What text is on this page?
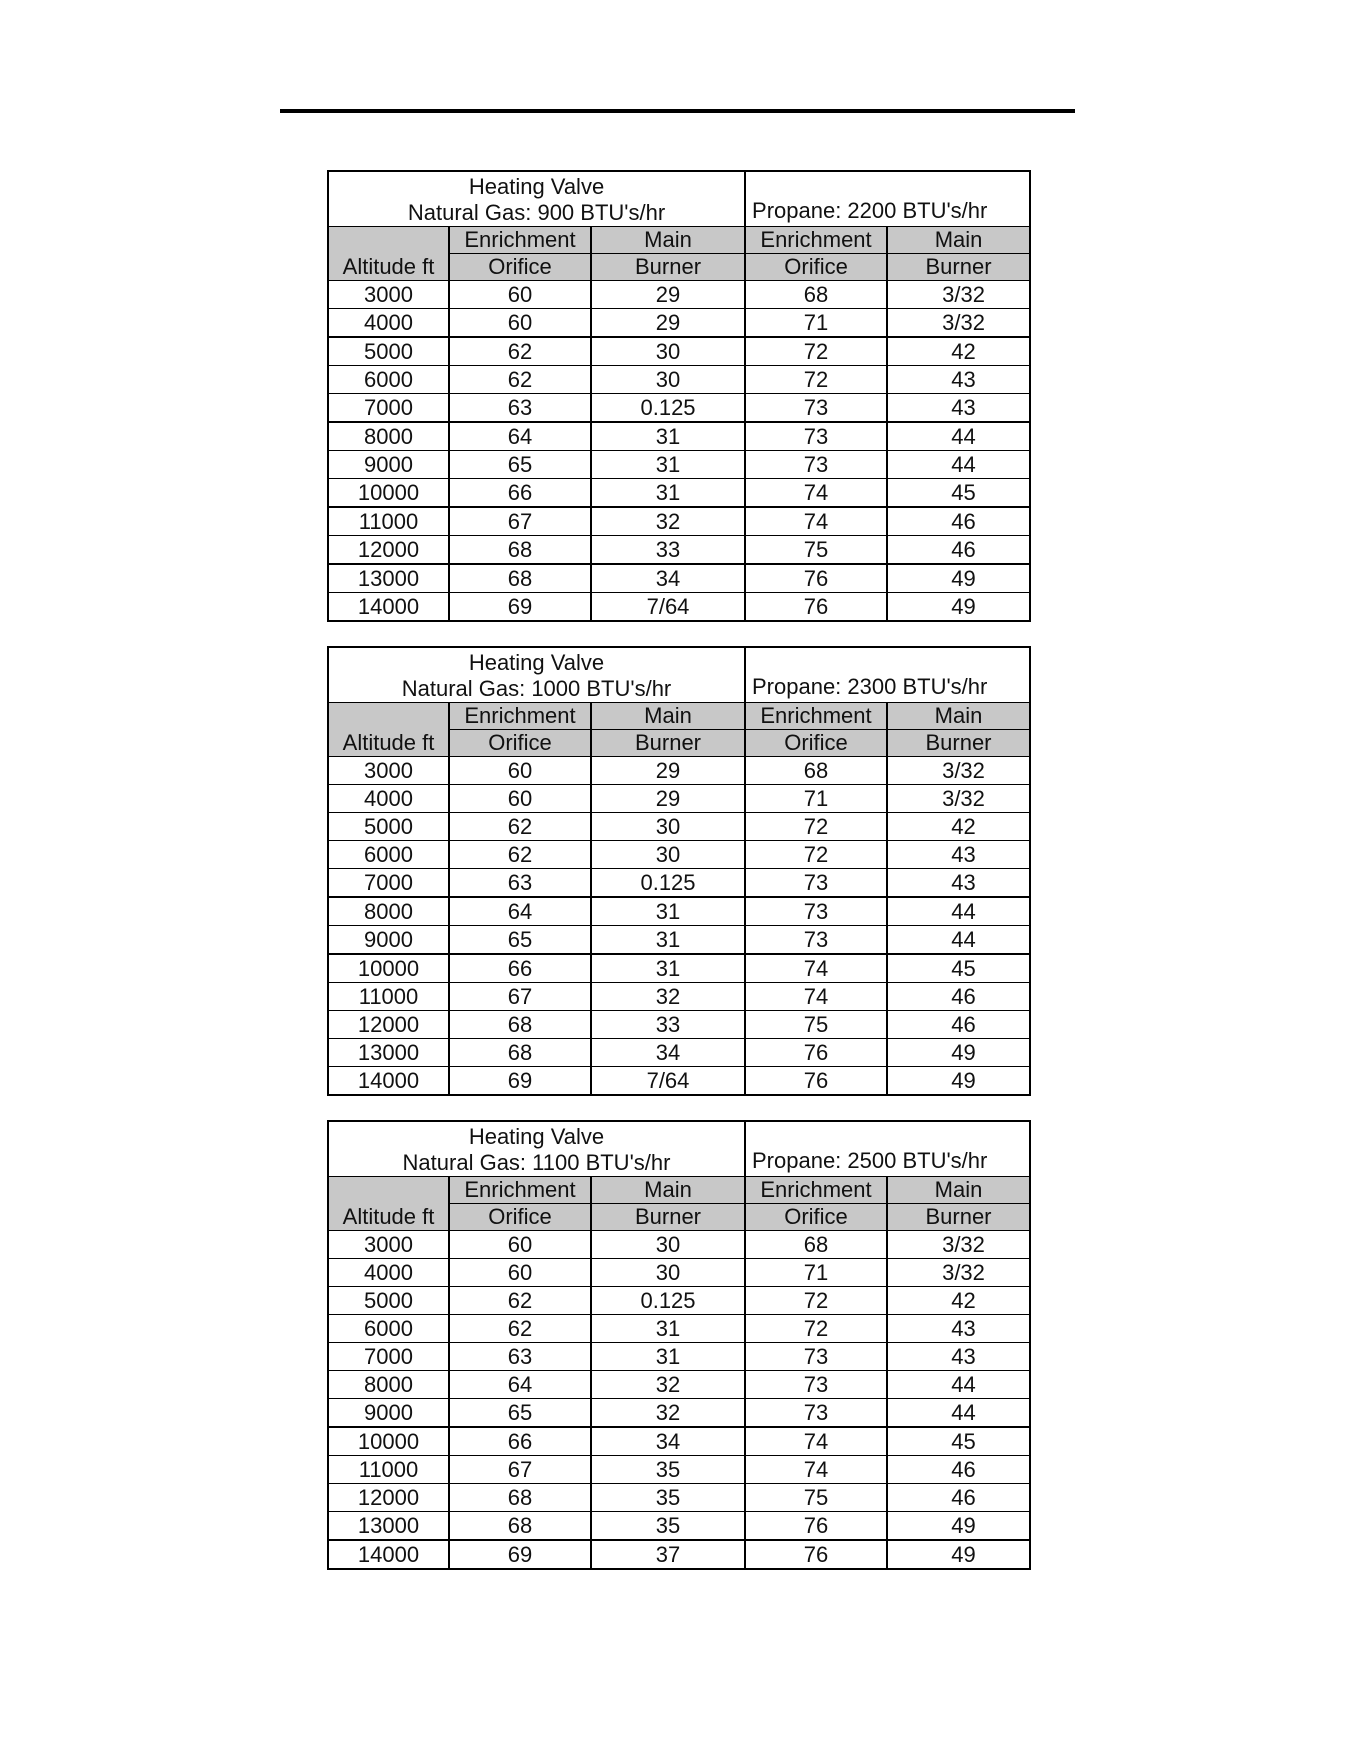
Heating Valve
Natural Gas: 900 BTU's/hr			Propane: 2200 BTU's/hr	
	Enrichment	Main	Enrichment	Main
Altitude ft	Orifice	Burner	Orifice	Burner
3000	60	29	68	3/32
4000	60	29	71	3/32
5000	62	30	72	42
6000	62	30	72	43
7000	63	0.125	73	43
8000	64	31	73	44
9000	65	31	73	44
10000	66	31	74	45
11000	67	32	74	46
12000	68	33	75	46
13000	68	34	76	49
14000	69	7/64	76	49
Heating Valve
Natural Gas: 1000 BTU's/hr			Propane: 2300 BTU's/hr	
	Enrichment	Main	Enrichment	Main
Altitude ft	Orifice	Burner	Orifice	Burner
3000	60	29	68	3/32
4000	60	29	71	3/32
5000	62	30	72	42
6000	62	30	72	43
7000	63	0.125	73	43
8000	64	31	73	44
9000	65	31	73	44
10000	66	31	74	45
11000	67	32	74	46
12000	68	33	75	46
13000	68	34	76	49
14000	69	7/64	76	49
Heating Valve
Natural Gas: 1100 BTU's/hr			Propane: 2500 BTU's/hr	
	Enrichment	Main	Enrichment	Main
Altitude ft	Orifice	Burner	Orifice	Burner
3000	60	30	68	3/32
4000	60	30	71	3/32
5000	62	0.125	72	42
6000	62	31	72	43
7000	63	31	73	43
8000	64	32	73	44
9000	65	32	73	44
10000	66	34	74	45
11000	67	35	74	46
12000	68	35	75	46
13000	68	35	76	49
14000	69	37	76	49
